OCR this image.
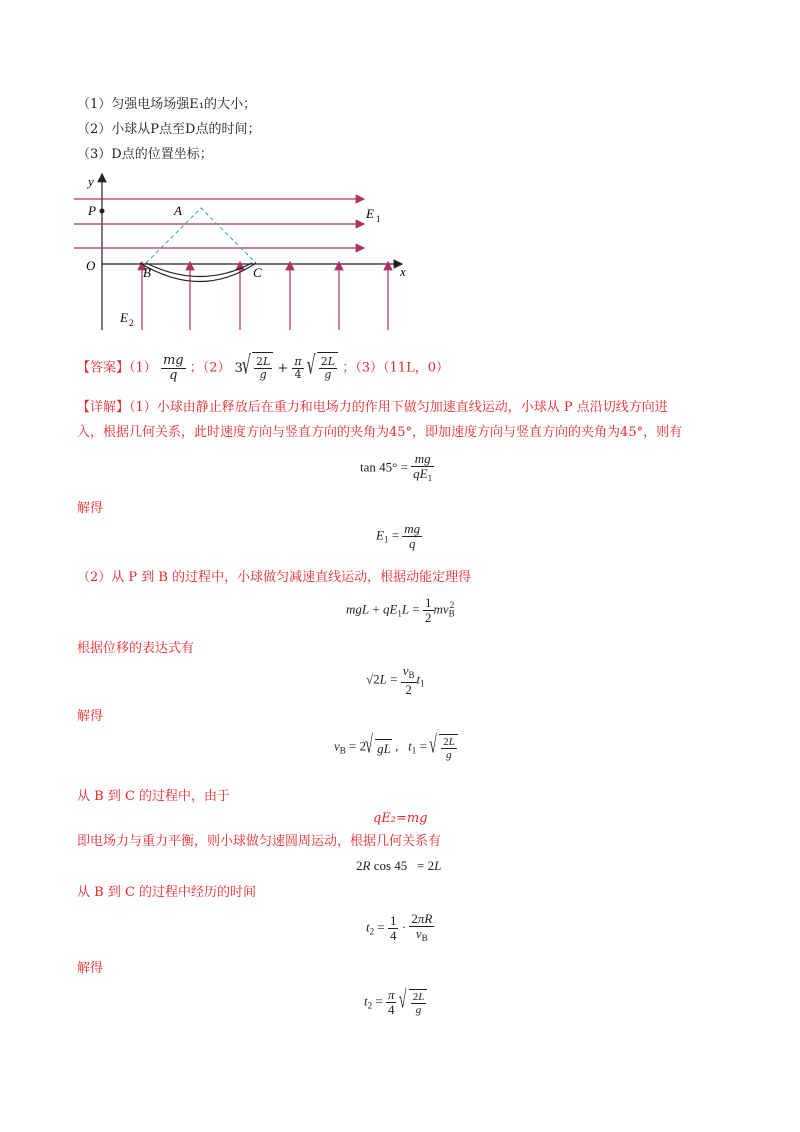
（1）匀强电场场强E₁的大小；
（2）小球从P点至D点的时间；
（3）D点的位置坐标；
y
x
O
P	A
B	C
E 1
E 2
【答案】$(1) \frac{mg}{q}$ ；（2） 3
√ $\frac{2L}{g} + \frac{\pi}{4}$

√ $\frac{2L}{g}$ ；（3）（11L，0）
【详解】（1）小球由静止释放后在重力和电场力的作用下做匀加速直线运动，小球从 P 点沿切线方向进
入，根据几何关系，此时速度方向与竖直方向的夹角为45°，即加速度方向与竖直方向的夹角为45°，则有
$\tan 45^\circ = \frac{mg}{qE_1}$
解得
$E_1 = \frac{mg}{q}$
（2）从 P 到 B 的过程中，小球做匀减速直线运动，根据动能定理得
mgL + $qE_1L = \frac{1}{2} mv_B^2$
根据位移的表达式有
$√2L = \frac{v_B}{2} t_1$
解得
$v_B = 2√$ gL ,   $t_1$ =
√ $\frac{2L}{g}$
从 B 到 C 的过程中，由于
qE₂=mg
即电场力与重力平衡，则小球做匀速圆周运动，根据几何关系有
2R cos 45   = 2L
从 B 到 C 的过程中经历的时间
$t_2 = \frac{1}{4} \cdot \frac{2\pi R}{v_B}$
解得
$t_2 = \frac{\pi}{4}$

√ $\frac{2L}{g}$
